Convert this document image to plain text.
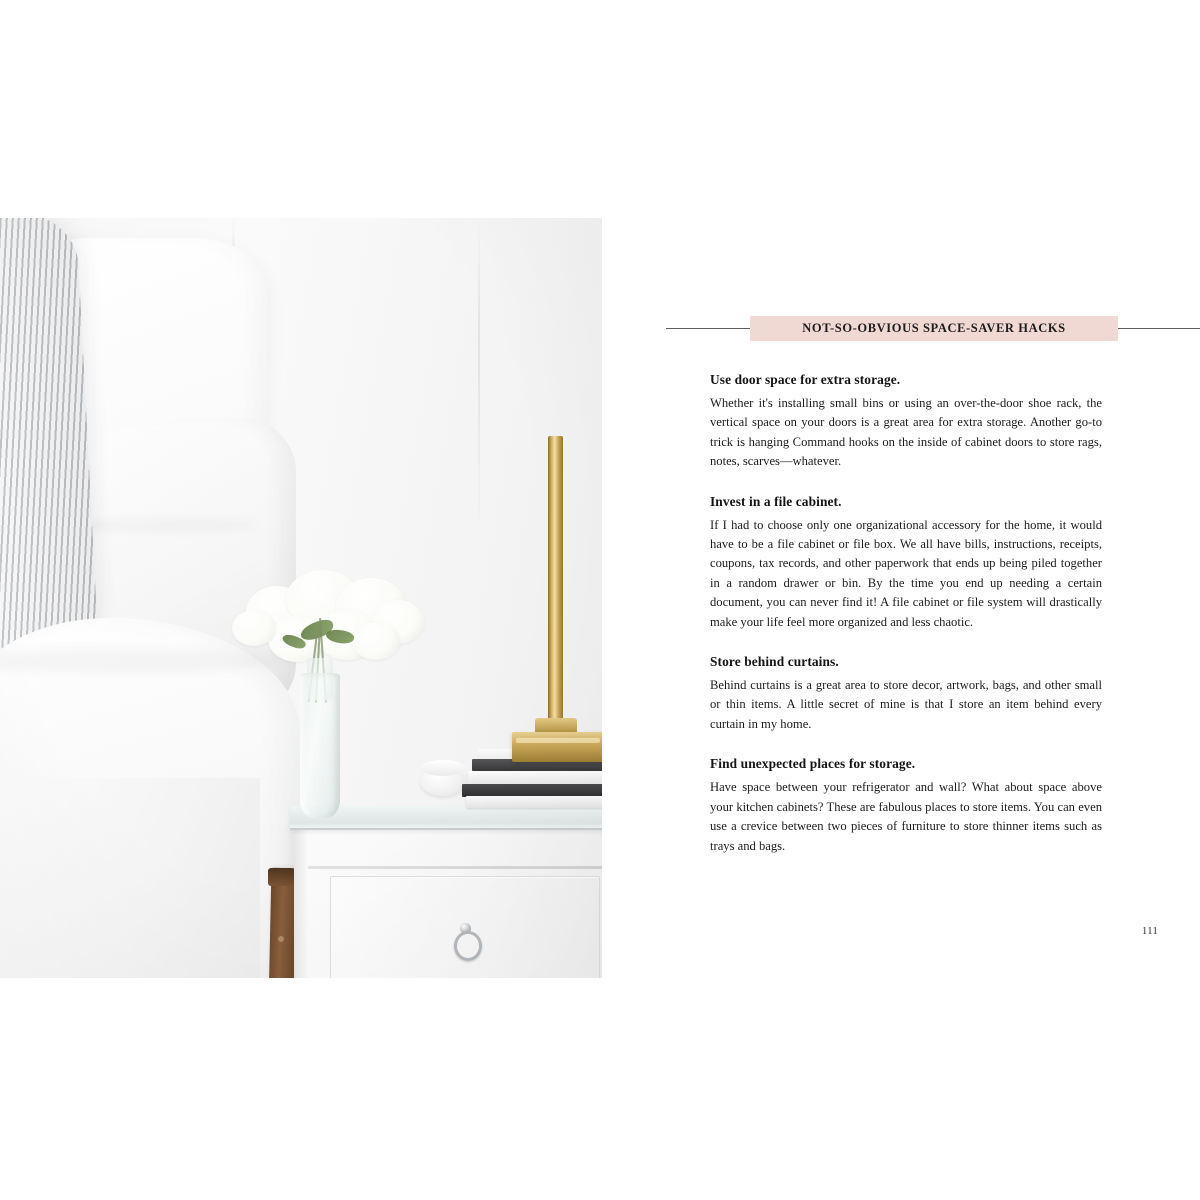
NOT-SO-OBVIOUS SPACE-SAVER HACKS

Use door space for extra storage.

Whether it's installing small bins or using an over-the-door shoe rack, the vertical space on your doors is a great area for extra storage. Another go-to trick is hanging Command hooks on the inside of cabinet doors to store rags, notes, scarves—whatever.

Invest in a file cabinet.

If I had to choose only one organizational accessory for the home, it would have to be a file cabinet or file box. We all have bills, instructions, receipts, coupons, tax records, and other paperwork that ends up being piled together in a random drawer or bin. By the time you end up needing a certain document, you can never find it! A file cabinet or file system will drastically make your life feel more organized and less chaotic.

Store behind curtains.

Behind curtains is a great area to store decor, artwork, bags, and other small or thin items. A little secret of mine is that I store an item behind every curtain in my home.

Find unexpected places for storage.

Have space between your refrigerator and wall? What about space above your kitchen cabinets? These are fabulous places to store items. You can even use a crevice between two pieces of furniture to store thinner items such as trays and bags.

111
